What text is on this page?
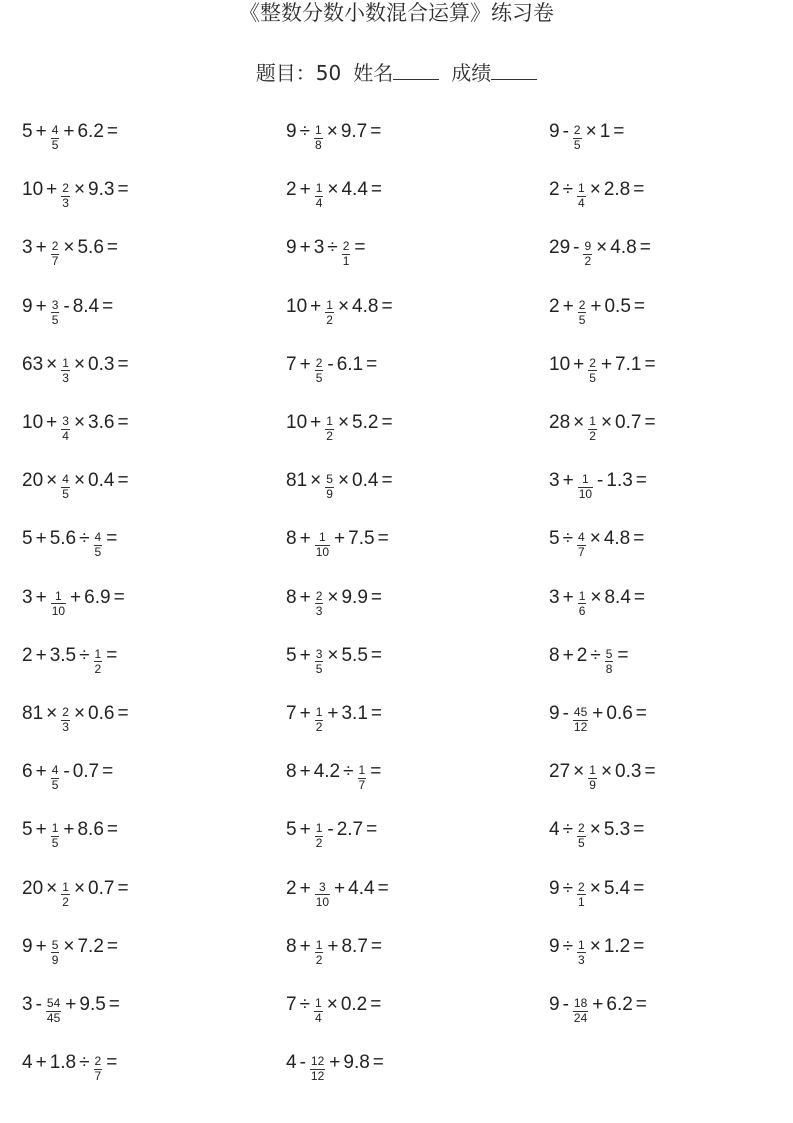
《整数分数小数混合运算》练习卷
题目：50 姓名	成绩
$5 + \frac{4}{5} + 6.2$ =
$10 + \frac{2}{3} \times 9.3$ =
$3 + \frac{2}{7} \times 5.6$ =
$9 + \frac{3}{5} - 8.4$ =
$63 \times \frac{1}{3} \times 0.3$ =
$10 + \frac{3}{4} \times 3.6$ =
$20 \times \frac{4}{5} \times 0.4$ =
$5 + 5.6 \div \frac{4}{5}$ =
$3 + \frac{1}{10} + 6.9$ =
$2 + 3.5 \div \frac{1}{2}$ =
$81 \times \frac{2}{3} \times 0.6$ =
$6 + \frac{4}{5} - 0.7$ =
$5 + \frac{1}{5} + 8.6$ =
$20 \times \frac{1}{2} \times 0.7$ =
$9 + \frac{5}{9} \times 7.2$ =
$3 - \frac{54}{45} + 9.5$ =
$4 + 1.8 \div \frac{2}{7}$ =
$9 \div \frac{1}{8} \times 9.7$ =
$2 + \frac{1}{4} \times 4.4$ =
$9 + 3 \div \frac{2}{1}$ =
$10 + \frac{1}{2} \times 4.8$ =
$7 + \frac{2}{5} - 6.1$ =
$10 + \frac{1}{2} \times 5.2$ =
$81 \times \frac{5}{9} \times 0.4$ =
$8 + \frac{1}{10} + 7.5$ =
$8 + \frac{2}{3} \times 9.9$ =
$5 + \frac{3}{5} \times 5.5$ =
$7 + \frac{1}{2} + 3.1$ =
$8 + 4.2 \div \frac{1}{7}$ =
$5 + \frac{1}{2} - 2.7$ =
$2 + \frac{3}{10} + 4.4$ =
$8 + \frac{1}{2} + 8.7$ =
$7 \div \frac{1}{4} \times 0.2$ =
$4 - \frac{12}{12} + 9.8$ =
$9 - \frac{2}{5} \times 1$ =
$2 \div \frac{1}{4} \times 2.8$ =
$29 - \frac{9}{2} \times 4.8$ =
$2 + \frac{2}{5} + 0.5$ =
$10 + \frac{2}{5} + 7.1$ =
$28 \times \frac{1}{2} \times 0.7$ =
$3 + \frac{1}{10} - 1.3$ =
$5 \div \frac{4}{7} \times 4.8$ =
$3 + \frac{1}{6} \times 8.4$ =
$8 + 2 \div \frac{5}{8}$ =
$9 - \frac{45}{12} + 0.6$ =
$27 \times \frac{1}{9} \times 0.3$ =
$4 \div \frac{2}{5} \times 5.3$ =
$9 \div \frac{2}{1} \times 5.4$ =
$9 \div \frac{1}{3} \times 1.2$ =
$9 - \frac{18}{24} + 6.2$ =
